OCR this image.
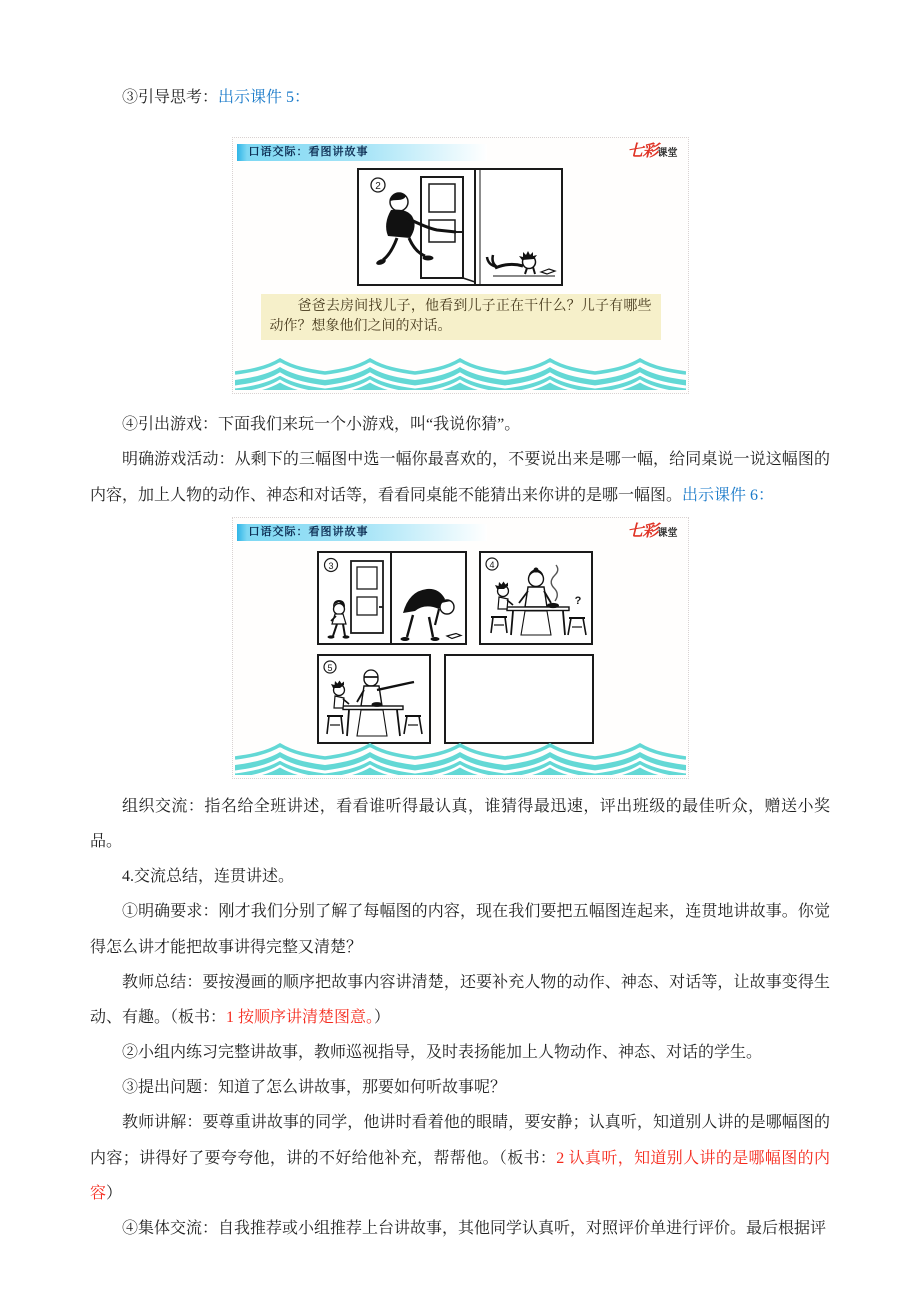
③引导思考：出示课件 5：

口语交际：看图讲故事	七彩课堂
2
爸爸去房间找儿子，他看到儿子正在干什么？儿子有哪些动作？想象他们之间的对话。

④引出游戏：下面我们来玩一个小游戏，叫“我说你猜”。

明确游戏活动：从剩下的三幅图中选一幅你最喜欢的，不要说出来是哪一幅，给同桌说一说这幅图的内容，加上人物的动作、神态和对话等，看看同桌能不能猜出来你讲的是哪一幅图。出示课件 6：

口语交际：看图讲故事	七彩课堂
3	4
?
5

组织交流：指名给全班讲述，看看谁听得最认真，谁猜得最迅速，评出班级的最佳听众，赠送小奖品。

4.交流总结，连贯讲述。

①明确要求：刚才我们分别了解了每幅图的内容，现在我们要把五幅图连起来，连贯地讲故事。你觉得怎么讲才能把故事讲得完整又清楚？

教师总结：要按漫画的顺序把故事内容讲清楚，还要补充人物的动作、神态、对话等，让故事变得生动、有趣。（板书：1 按顺序讲清楚图意。）

②小组内练习完整讲故事，教师巡视指导，及时表扬能加上人物动作、神态、对话的学生。

③提出问题：知道了怎么讲故事，那要如何听故事呢？

教师讲解：要尊重讲故事的同学，他讲时看着他的眼睛，要安静；认真听，知道别人讲的是哪幅图的内容；讲得好了要夸夸他，讲的不好给他补充，帮帮他。（板书：2 认真听，知道别人讲的是哪幅图的内容）

④集体交流：自我推荐或小组推荐上台讲故事，其他同学认真听，对照评价单进行评价。最后根据评
